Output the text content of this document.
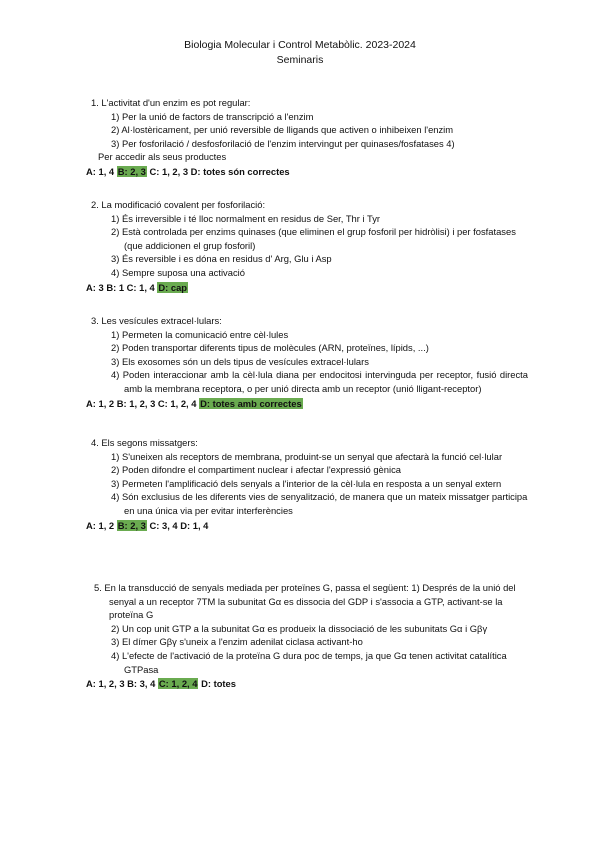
Biologia Molecular i Control Metabòlic. 2023-2024
Seminaris
1. L'activitat d'un enzim es pot regular:
1) Per la unió de factors de transcripció a l'enzim
2) Al·lostèricament, per unió reversible de lligands que activen o inhibeixen l'enzim
3) Per fosforilació / desfosforilació de l'enzim intervingut per quinases/fosfatases 4)
Per accedir als seus productes
A: 1, 4 B: 2, 3 C: 1, 2, 3 D: totes són correctes
2. La modificació covalent per fosforilació:
1) És irreversible i té lloc normalment en residus de Ser, Thr i Tyr
2) Està controlada per enzims quinases (que eliminen el grup fosforil per hidròlisi) i per fosfatases (que addicionen el grup fosforil)
3) És reversible i es dóna en residus d' Arg, Glu i Asp
4) Sempre suposa una activació
A: 3 B: 1 C: 1, 4 D: cap
3. Les vesícules extracel·lulars:
1) Permeten la comunicació entre cèl·lules
2) Poden transportar diferents tipus de molècules (ARN, proteïnes, lípids, ...)
3) Els exosomes són un dels tipus de vesícules extracel·lulars
4) Poden interaccionar amb la cèl·lula diana per endocitosi intervinguda per receptor, fusió directa amb la membrana receptora, o per unió directa amb un receptor (unió lligant-receptor)
A: 1, 2 B: 1, 2, 3 C: 1, 2, 4 D: totes amb correctes
4. Els segons missatgers:
1) S'uneixen als receptors de membrana, produint-se un senyal que afectarà la funció cel·lular
2) Poden difondre el compartiment nuclear i afectar l'expressió gènica
3) Permeten l'amplificació dels senyals a l'interior de la cèl·lula en resposta a un senyal extern
4) Són exclusius de les diferents vies de senyalització, de manera que un mateix missatger participa en una única via per evitar interferències
A: 1, 2 B: 2, 3 C: 3, 4 D: 1, 4
5. En la transducció de senyals mediada per proteïnes G, passa el següent: 1) Després de la unió del senyal a un receptor 7TM la subunitat Gα es dissocia del GDP i s'associa a GTP, activant-se la proteïna G
2) Un cop unit GTP a la subunitat Gα es produeix la dissociació de les subunitats Gα i Gβγ
3) El dímer Gβγ s'uneix a l'enzim adenilat ciclasa activant-ho
4) L'efecte de l'activació de la proteïna G dura poc de temps, ja que Gα tenen activitat catalítica GTPasa
A: 1, 2, 3 B: 3, 4 C: 1, 2, 4 D: totes
